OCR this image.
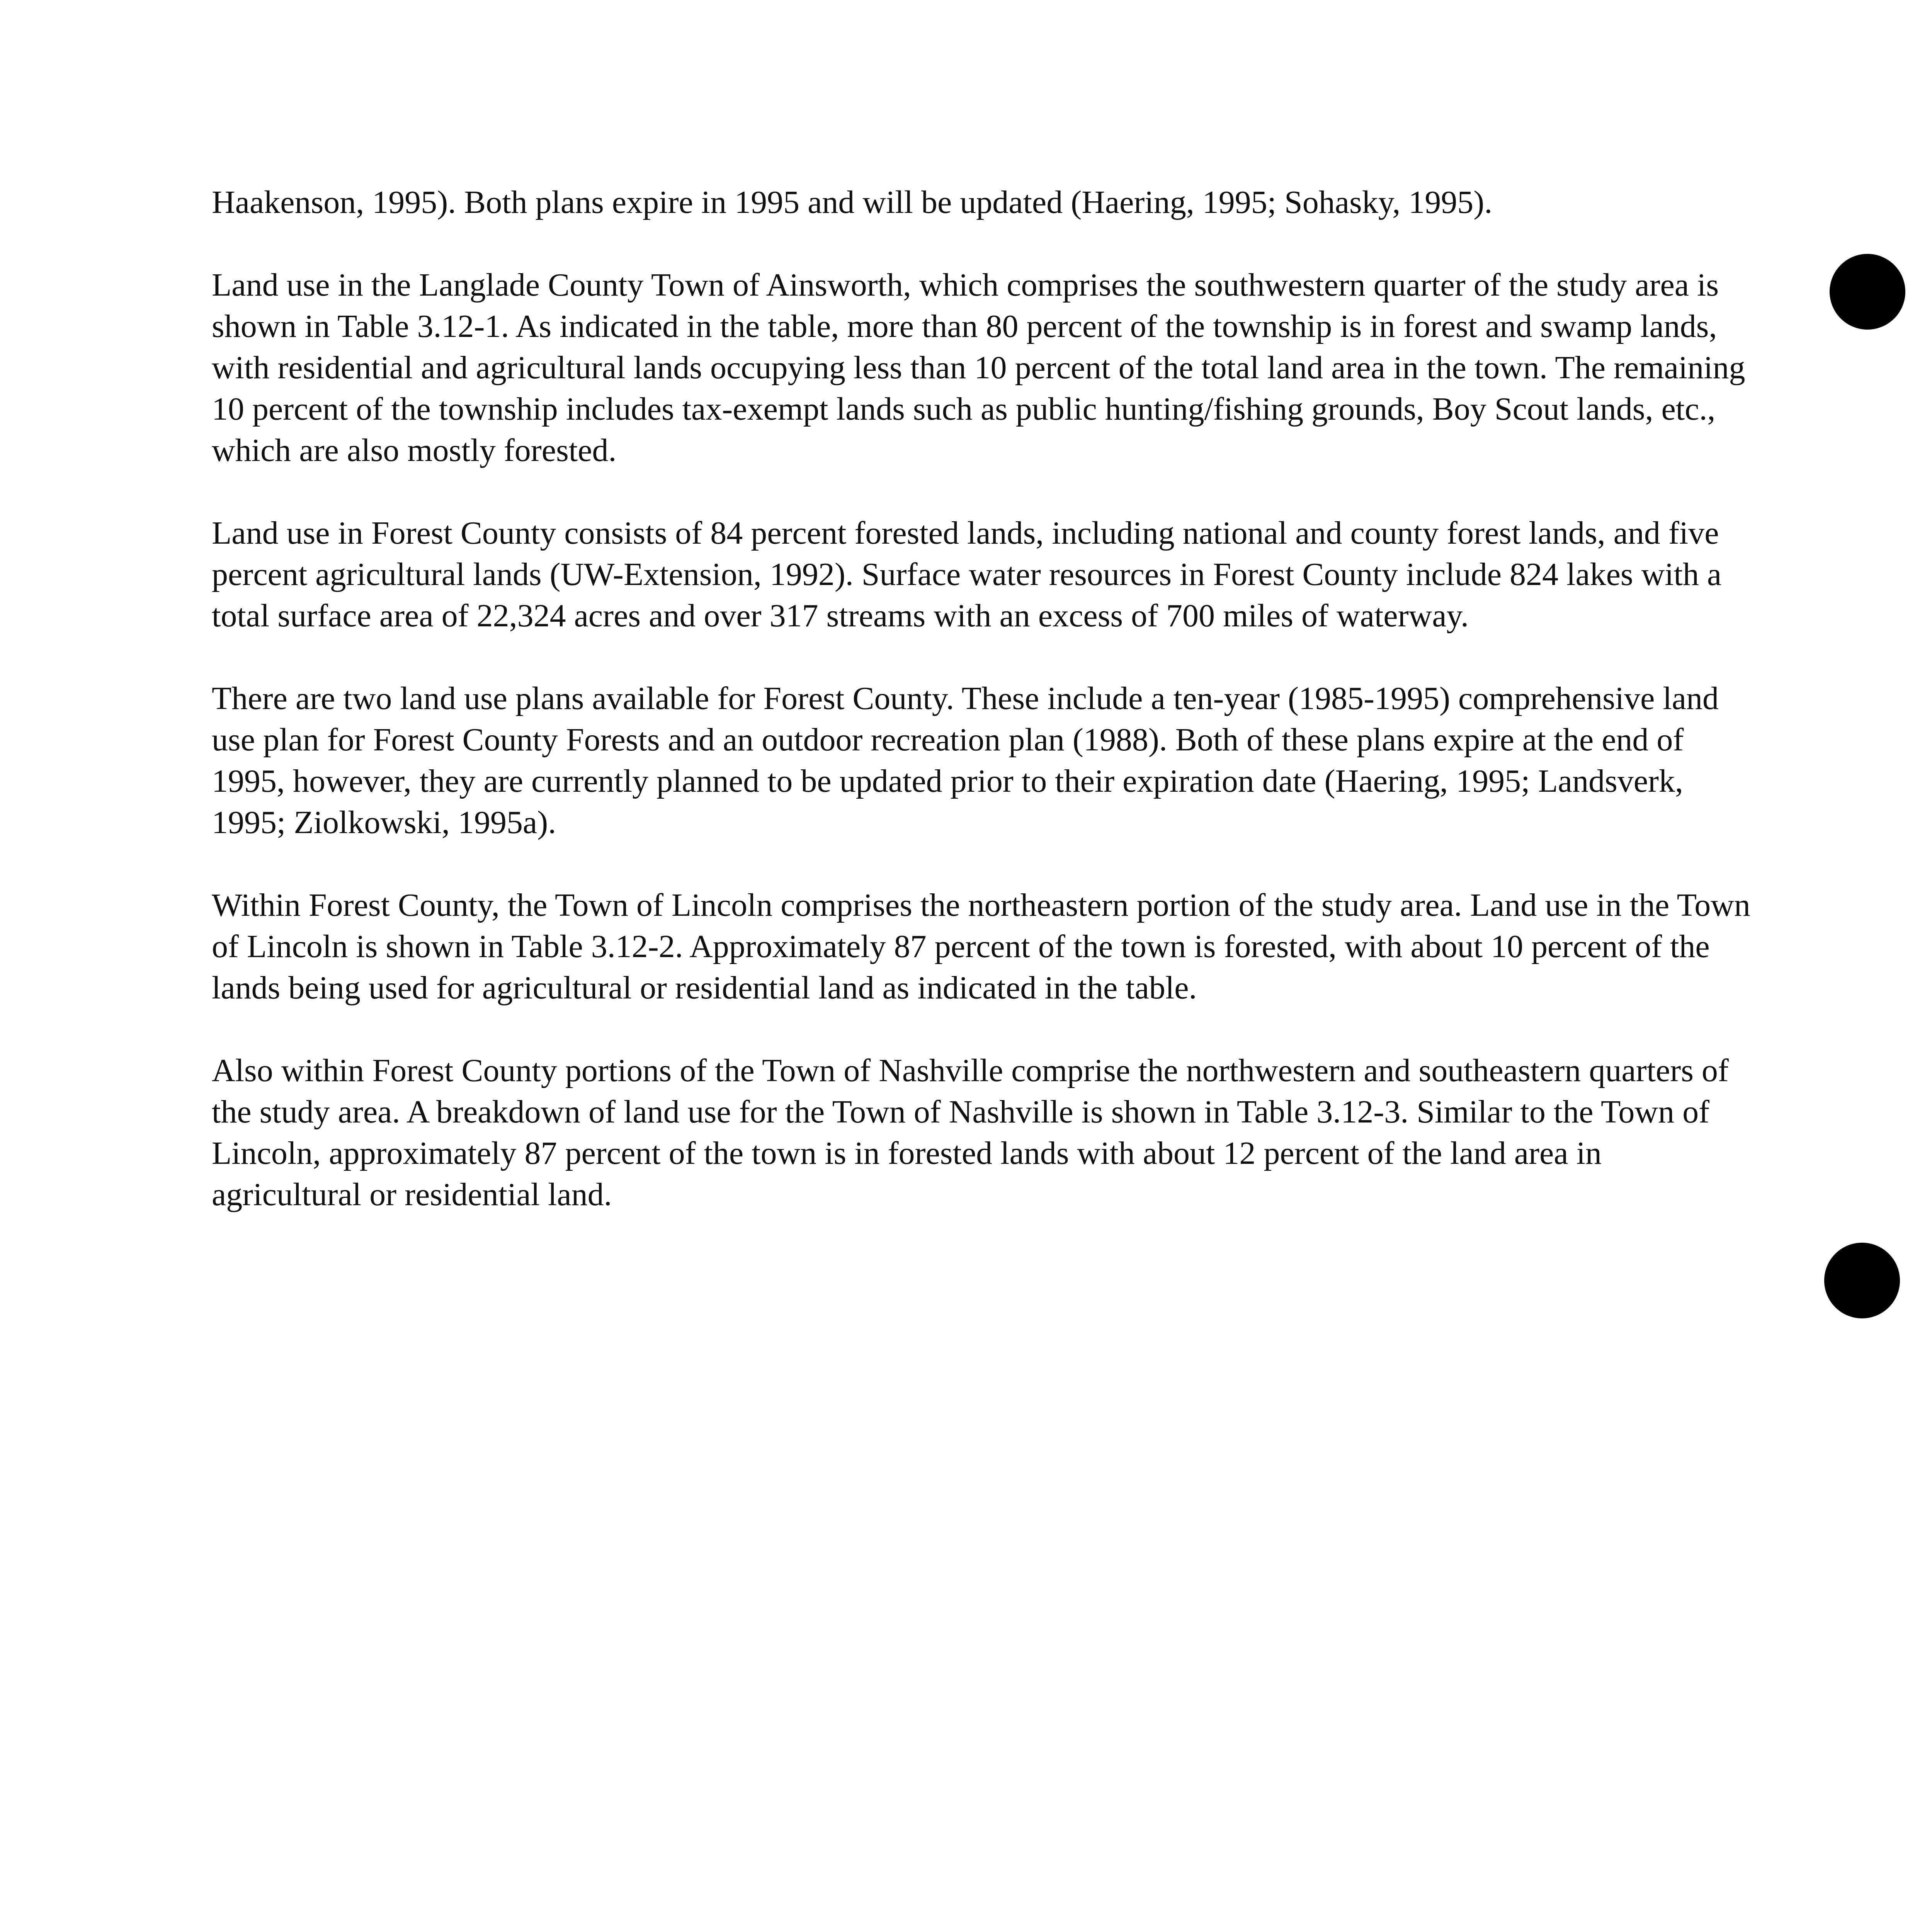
Haakenson, 1995). Both plans expire in 1995 and will be updated (Haering, 1995; Sohasky, 1995).

Land use in the Langlade County Town of Ainsworth, which comprises the southwestern quarter of the study area is shown in Table 3.12-1. As indicated in the table, more than 80 percent of the township is in forest and swamp lands, with residential and agricultural lands occupying less than 10 percent of the total land area in the town. The remaining 10 percent of the township includes tax-exempt lands such as public hunting/fishing grounds, Boy Scout lands, etc., which are also mostly forested.

Land use in Forest County consists of 84 percent forested lands, including national and county forest lands, and five percent agricultural lands (UW-Extension, 1992). Surface water resources in Forest County include 824 lakes with a total surface area of 22,324 acres and over 317 streams with an excess of 700 miles of waterway.

There are two land use plans available for Forest County. These include a ten-year (1985-1995) comprehensive land use plan for Forest County Forests and an outdoor recreation plan (1988). Both of these plans expire at the end of 1995, however, they are currently planned to be updated prior to their expiration date (Haering, 1995; Landsverk, 1995; Ziolkowski, 1995a).

Within Forest County, the Town of Lincoln comprises the northeastern portion of the study area. Land use in the Town of Lincoln is shown in Table 3.12-2. Approximately 87 percent of the town is forested, with about 10 percent of the lands being used for agricultural or residential land as indicated in the table.

Also within Forest County portions of the Town of Nashville comprise the northwestern and southeastern quarters of the study area. A breakdown of land use for the Town of Nashville is shown in Table 3.12-3. Similar to the Town of Lincoln, approximately 87 percent of the town is in forested lands with about 12 percent of the land area in agricultural or residential land.
